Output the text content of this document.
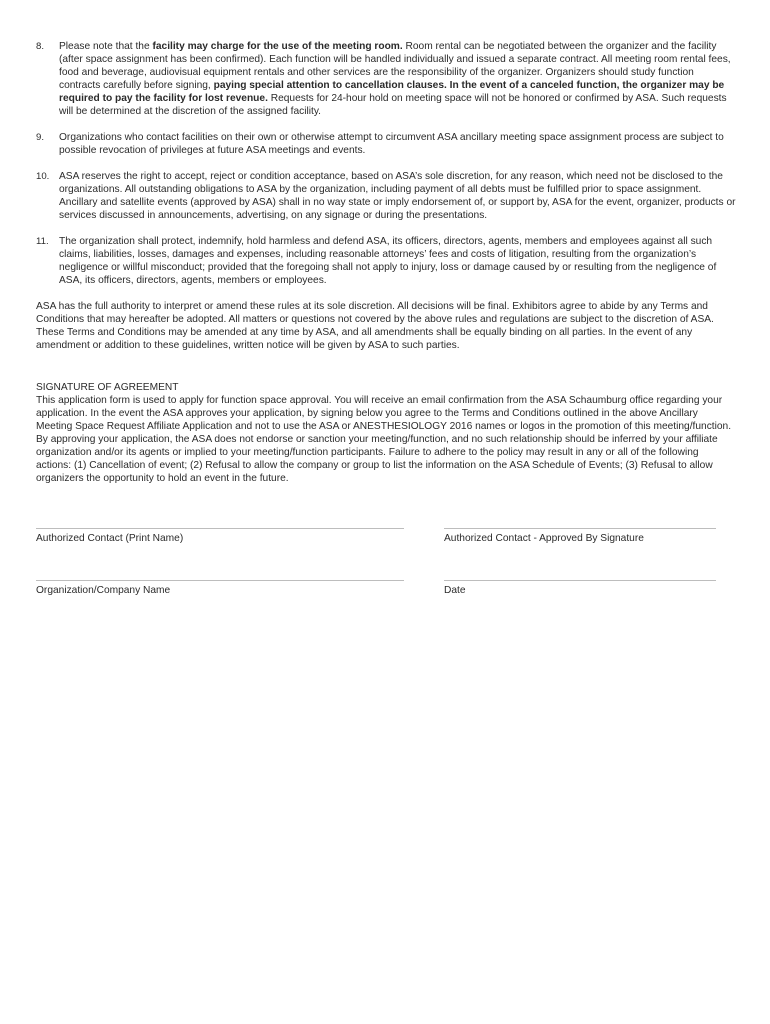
8.	Please note that the facility may charge for the use of the meeting room. Room rental can be negotiated between the organizer and the facility (after space assignment has been confirmed). Each function will be handled individually and issued a separate contract. All meeting room rental fees, food and beverage, audiovisual equipment rentals and other services are the responsibility of the organizer. Organizers should study function contracts carefully before signing, paying special attention to cancellation clauses. In the event of a canceled function, the organizer may be required to pay the facility for lost revenue. Requests for 24-hour hold on meeting space will not be honored or confirmed by ASA. Such requests will be determined at the discretion of the assigned facility.
9.	Organizations who contact facilities on their own or otherwise attempt to circumvent ASA ancillary meeting space assignment process are subject to possible revocation of privileges at future ASA meetings and events.
10. ASA reserves the right to accept, reject or condition acceptance, based on ASA’s sole discretion, for any reason, which need not be disclosed to the organizations. All outstanding obligations to ASA by the organization, including payment of all debts must be fulfilled prior to space assignment. Ancillary and satellite events (approved by ASA) shall in no way state or imply endorsement of, or support by, ASA for the event, organizer, products or services discussed in announcements, advertising, on any signage or during the presentations.
11.	The organization shall protect, indemnify, hold harmless and defend ASA, its officers, directors, agents, members and employees against all such claims, liabilities, losses, damages and expenses, including reasonable attorneys’ fees and costs of litigation, resulting from the organization’s negligence or willful misconduct; provided that the foregoing shall not apply to injury, loss or damage caused by or resulting from the negligence of ASA, its officers, directors, agents, members or employees.

ASA has the full authority to interpret or amend these rules at its sole discretion. All decisions will be final. Exhibitors agree to abide by any Terms and Conditions that may hereafter be adopted. All matters or questions not covered by the above rules and regulations are subject to the discretion of ASA. These Terms and Conditions may be amended at any time by ASA, and all amendments shall be equally binding on all parties. In the event of any amendment or addition to these guidelines, written notice will be given by ASA to such parties.

SIGNATURE OF AGREEMENT
This application form is used to apply for function space approval. You will receive an email confirmation from the ASA Schaumburg office regarding your application. In the event the ASA approves your application, by signing below you agree to the Terms and Conditions outlined in the above Ancillary Meeting Space Request Affiliate Application and not to use the ASA or ANESTHESIOLOGY 2016 names or logos in the promotion of this meeting/function. By approving your application, the ASA does not endorse or sanction your meeting/function, and no such relationship should be inferred by your affiliate organization and/or its agents or implied to your meeting/function participants. Failure to adhere to the policy may result in any or all of the following actions: (1) Cancellation of event; (2) Refusal to allow the company or group to list the information on the ASA Schedule of Events; (3) Refusal to allow organizers the opportunity to hold an event in the future.
Authorized Contact (Print Name)	Authorized Contact - Approved By Signature
Organization/Company Name	Date
